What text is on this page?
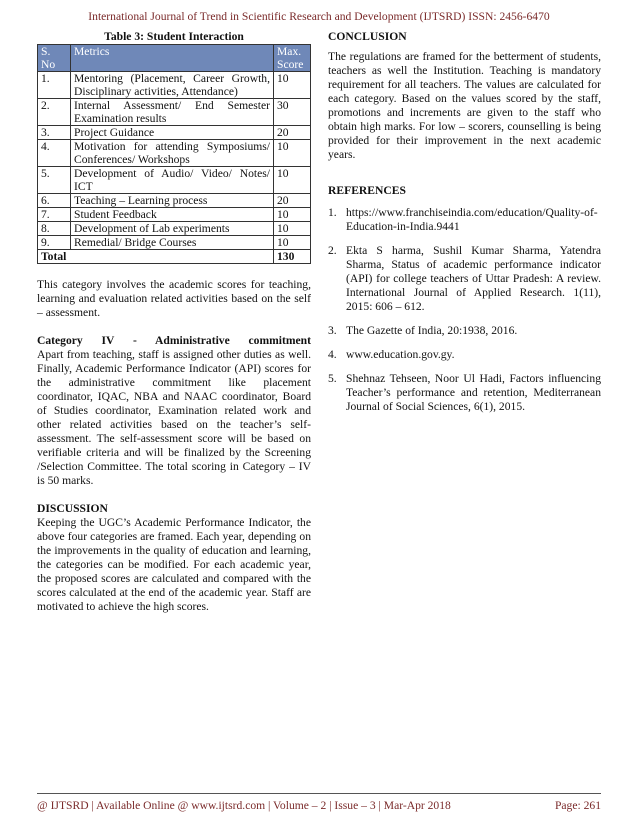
International Journal of Trend in Scientific Research and Development (IJTSRD) ISSN: 2456-6470
Table 3: Student Interaction
S. No	Metrics	Max. Score
1.	Mentoring (Placement, Career Growth, Disciplinary activities, Attendance)	10
2.	Internal Assessment/ End Semester Examination results	30
3.	Project Guidance	20
4.	Motivation for attending Symposiums/ Conferences/ Workshops	10
5.	Development of Audio/ Video/ Notes/ ICT	10
6.	Teaching – Learning process	20
7.	Student Feedback	10
8.	Development of Lab experiments	10
9.	Remedial/ Bridge Courses	10
Total		130

This category involves the academic scores for teaching, learning and evaluation related activities based on the self – assessment.

Category IV - Administrative commitment

Apart from teaching, staff is assigned other duties as well. Finally, Academic Performance Indicator (API) scores for the administrative commitment like placement coordinator, IQAC, NBA and NAAC coordinator, Board of Studies coordinator, Examination related work and other related activities based on the teacher’s self-assessment. The self-assessment score will be based on verifiable criteria and will be finalized by the Screening /Selection Committee. The total scoring in Category – IV is 50 marks.

DISCUSSION

Keeping the UGC’s Academic Performance Indicator, the above four categories are framed. Each year, depending on the improvements in the quality of education and learning, the categories can be modified. For each academic year, the proposed scores are calculated and compared with the scores calculated at the end of the academic year. Staff are motivated to achieve the high scores.

CONCLUSION

The regulations are framed for the betterment of students, teachers as well the Institution. Teaching is mandatory requirement for all teachers. The values are calculated for each category. Based on the values scored by the staff, promotions and increments are given to the staff who obtain high marks. For low – scorers, counselling is being provided for their improvement in the next academic years.

REFERENCES
1. https://www.franchiseindia.com/education/Quality-of-Education-in-India.9441
2. Ekta S harma, Sushil Kumar Sharma, Yatendra Sharma, Status of academic performance indicator (API) for college teachers of Uttar Pradesh: A review. International Journal of Applied Research. 1(11), 2015: 606 – 612.
3. The Gazette of India, 20:1938, 2016.
4. www.education.gov.gy.
5. Shehnaz Tehseen, Noor Ul Hadi, Factors influencing Teacher’s performance and retention, Mediterranean Journal of Social Sciences, 6(1), 2015.
@ IJTSRD | Available Online @ www.ijtsrd.com | Volume – 2 | Issue – 3 | Mar-Apr 2018	Page: 261
